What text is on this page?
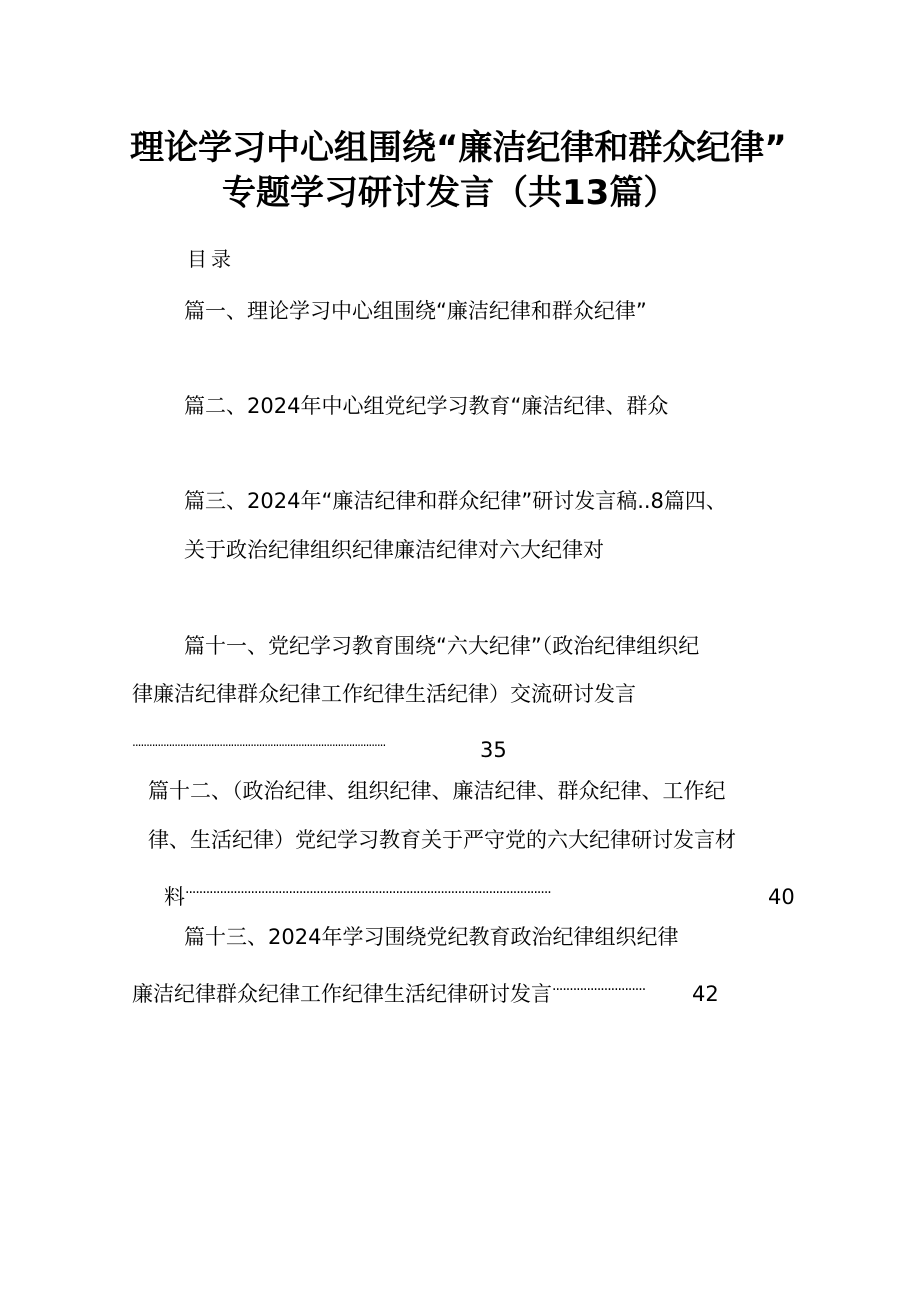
理论学习中心组围绕“廉洁纪律和群众纪律”
专题学习研讨发言（共13篇）
目录
篇一、理论学习中心组围绕“廉洁纪律和群众纪律”
篇二、2024年中心组党纪学习教育“廉洁纪律、群众
篇三、2024年“廉洁纪律和群众纪律”研讨发言稿..8篇四、
关于政治纪律组织纪律廉洁纪律对六大纪律对
篇十一、党纪学习教育围绕“六大纪律”（政治纪律组织纪
律廉洁纪律群众纪律工作纪律生活纪律）交流研讨发言
..........................................................................................	35
篇十二、（政治纪律、组织纪律、廉洁纪律、群众纪律、工作纪
律、生活纪律）党纪学习教育关于严守党的六大纪律研讨发言材
料..........................................................................................................	40
篇十三、2024年学习围绕党纪教育政治纪律组织纪律
廉洁纪律群众纪律工作纪律生活纪律研讨发言........................... 42
